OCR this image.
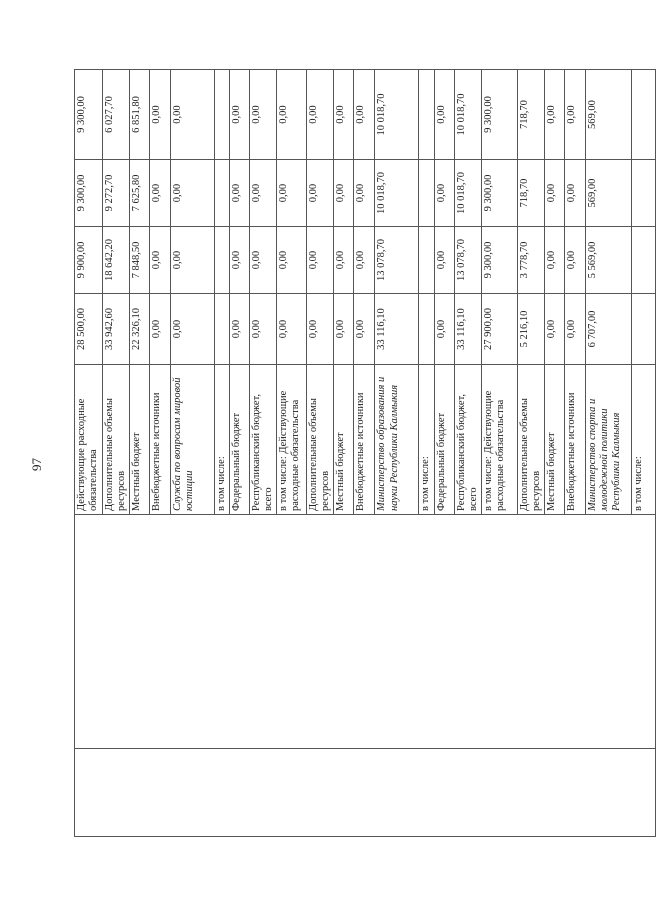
97
			Действующие расходные обязательства	28 500,00	9 900,00	9 300,00	9 300,00
		Дополнительные объемы ресурсов	33 942,60	18 642,20	9 272,70	6 027,70
		Местный бюджет	22 326,10	7 848,50	7 625,80	6 851,80
		Внебюджетные источники	0,00	0,00	0,00	0,00
		Служба по вопросам мировой юстиции	0,00	0,00	0,00	0,00
		в том числе:				
		Федеральный бюджет	0,00	0,00	0,00	0,00
		Республиканский бюджет, всего	0,00	0,00	0,00	0,00
		в том числе: Действующие расходные обязательства	0,00	0,00	0,00	0,00
		Дополнительные объемы ресурсов	0,00	0,00	0,00	0,00
		Местный бюджет	0,00	0,00	0,00	0,00
		Внебюджетные источники	0,00	0,00	0,00	0,00
		Министерство образования и науки Республики Калмыкия	33 116,10	13 078,70	10 018,70	10 018,70
		в том числе:				
		Федеральный бюджет	0,00	0,00	0,00	0,00
		Республиканский бюджет, всего	33 116,10	13 078,70	10 018,70	10 018,70
		в том числе: Действующие расходные обязательства	27 900,00	9 300,00	9 300,00	9 300,00
		Дополнительные объемы ресурсов	5 216,10	3 778,70	718,70	718,70
		Местный бюджет	0,00	0,00	0,00	0,00
		Внебюджетные источники	0,00	0,00	0,00	0,00
		Министерство спорта и молодежной политики Республики Калмыкия	6 707,00	5 569,00	569,00	569,00
		в том числе:				
